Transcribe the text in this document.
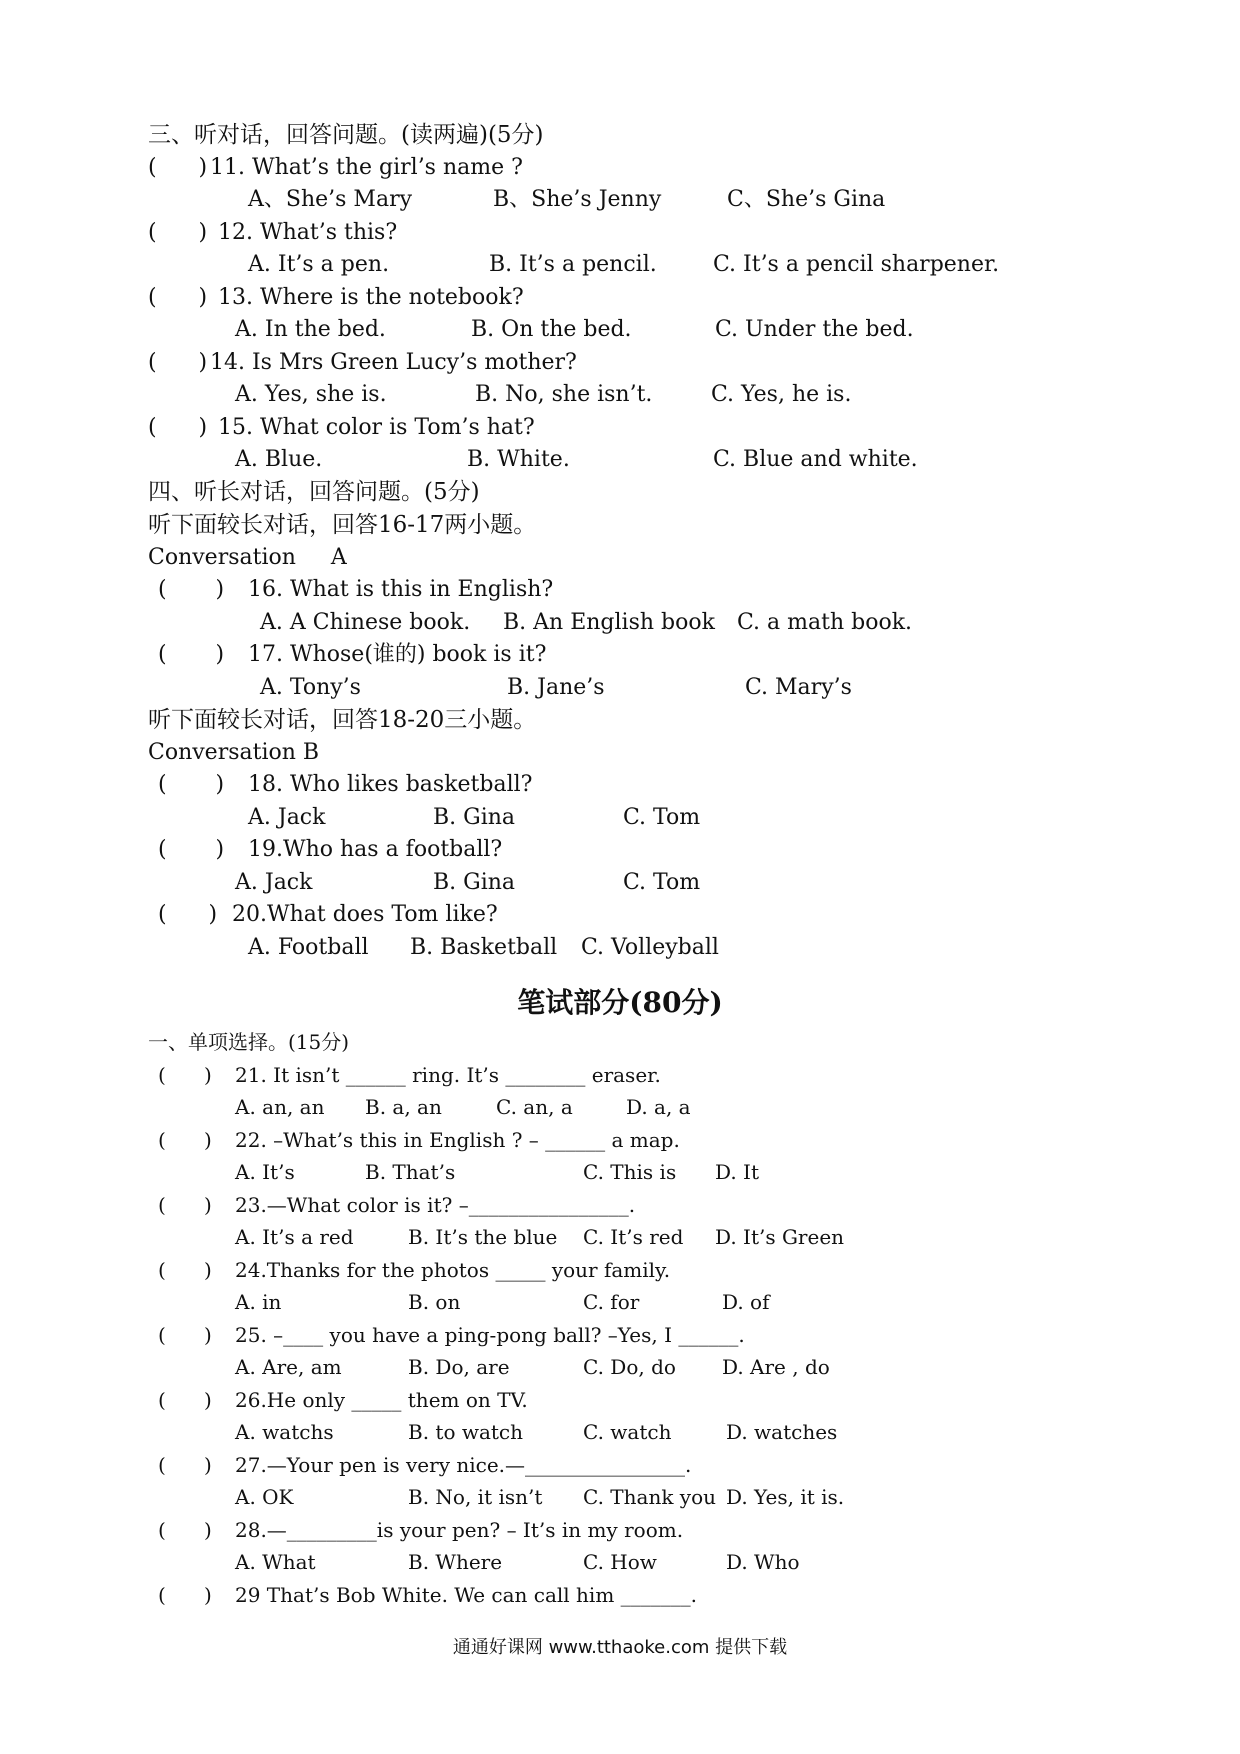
三、听对话，回答问题。(读两遍)(5分)
(      ) 11. What’s the girl’s name ?
A、She’s Mary	B、She’s Jenny	C、She’s Gina
(      ) 12. What’s this?
A. It’s a pen.	B. It’s a pencil.	C. It’s a pencil sharpener.
(      ) 13. Where is the notebook?
A. In the bed.	B. On the bed.	C. Under the bed.
(      ) 14. Is Mrs Green Lucy’s mother?
A. Yes, she is.	B. No, she isn’t.	C. Yes, he is.
(      ) 15. What color is Tom’s hat?
A. Blue.	B. White.	C. Blue and white.
四、听长对话，回答问题。(5分)
听下面较长对话，回答16-17两小题。
Conversation     A
(       ) 16. What is this in English?
A. A Chinese book. B. An English book C. a math book.
(       ) 17. Whose(谁的) book is it?
A. Tony’s	B. Jane’s	C. Mary’s
听下面较长对话，回答18-20三小题。
Conversation B
(       ) 18. Who likes basketball?
A. Jack	B. Gina	C. Tom
(       ) 19.Who has a football?
A. Jack	B. Gina	C. Tom
(      ) 20.What does Tom like?
A. Football B. Basketball C. Volleyball
笔试部分(80分)
一、单项选择。(15分)
(      ) 21. It isn’t ______ ring. It’s ________ eraser.
A. an, an B. a, an	C. an, a	D. a, a
(      ) 22. –What’s this in English ? – ______ a map.
A. It’s	B. That’s	C. This is D. It
(      ) 23.—What color is it? –________________.
A. It’s a red	B. It’s the blue C. It’s red D. It’s Green
(      ) 24.Thanks for the photos _____ your family.
A. in	B. on	C. for	D. of
(      ) 25. –____ you have a ping-pong ball? –Yes, I ______.
A. Are, am	B. Do, are	C. Do, do D. Are , do
(      ) 26.He only _____ them on TV.
A. watchs	B. to watch	C. watch	D. watches
(      ) 27.—Your pen is very nice.—________________.
A. OK	B. No, it isn’t C. Thank you D. Yes, it is.
(      ) 28.—_________is your pen? – It’s in my room.
A. What	B. Where	C. How	D. Who
(      ) 29 That’s Bob White. We can call him _______.
通通好课网 www.tthaoke.com 提供下载
